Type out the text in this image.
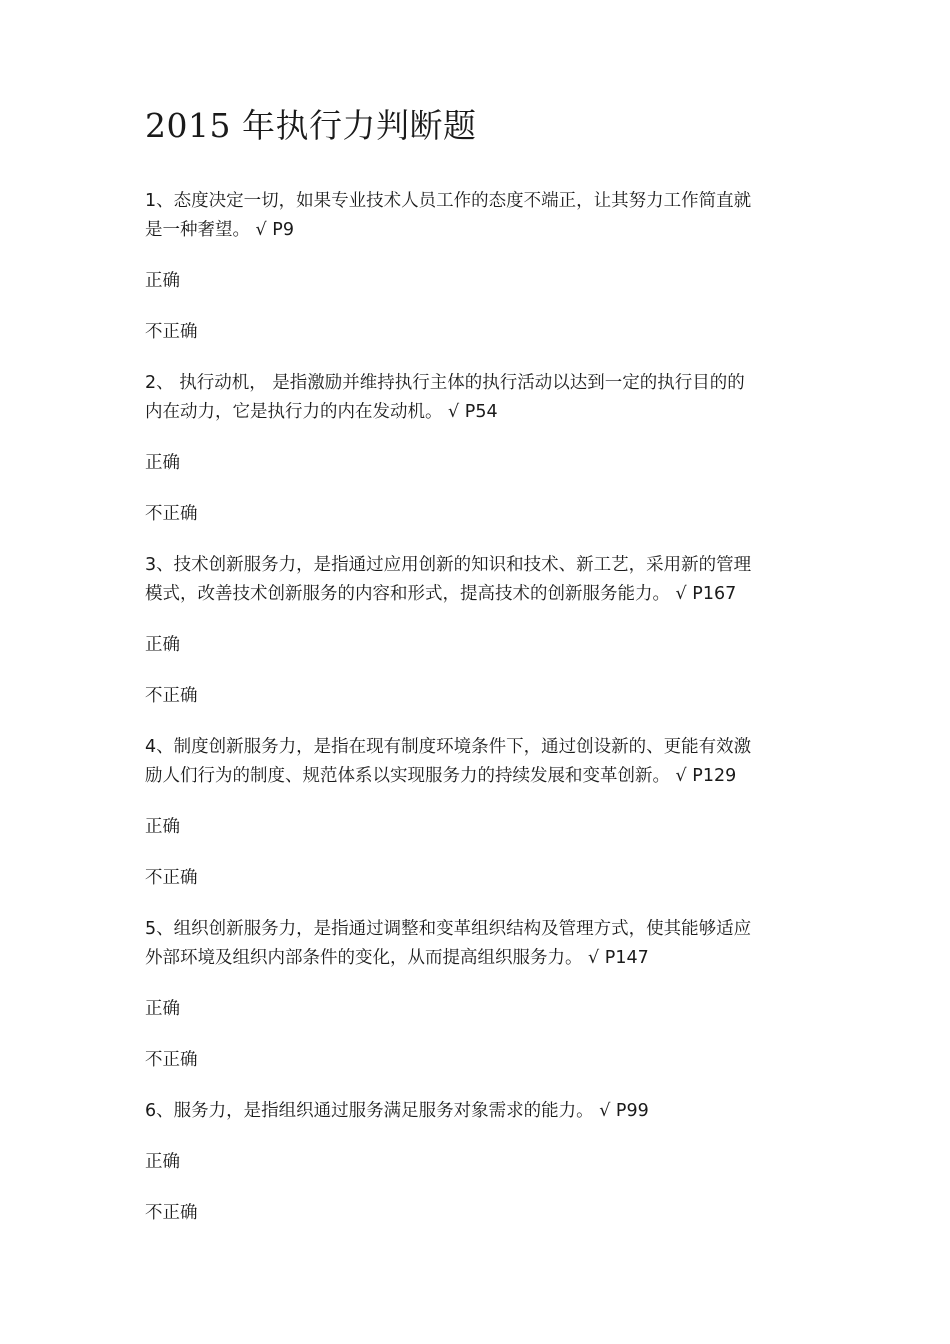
2015 年执行力判断题

1、态度决定一切，如果专业技术人员工作的态度不端正，让其努力工作简直就
是一种奢望。 √ P9

正确

不正确

2、 执行动机， 是指激励并维持执行主体的执行活动以达到一定的执行目的的
内在动力，它是执行力的内在发动机。 √ P54

正确

不正确

3、技术创新服务力，是指通过应用创新的知识和技术、新工艺，采用新的管理
模式，改善技术创新服务的内容和形式，提高技术的创新服务能力。 √ P167

正确

不正确

4、制度创新服务力，是指在现有制度环境条件下，通过创设新的、更能有效激
励人们行为的制度、规范体系以实现服务力的持续发展和变革创新。 √ P129

正确

不正确

5、组织创新服务力，是指通过调整和变革组织结构及管理方式，使其能够适应
外部环境及组织内部条件的变化，从而提高组织服务力。 √ P147

正确

不正确

6、服务力，是指组织通过服务满足服务对象需求的能力。 √ P99

正确

不正确
